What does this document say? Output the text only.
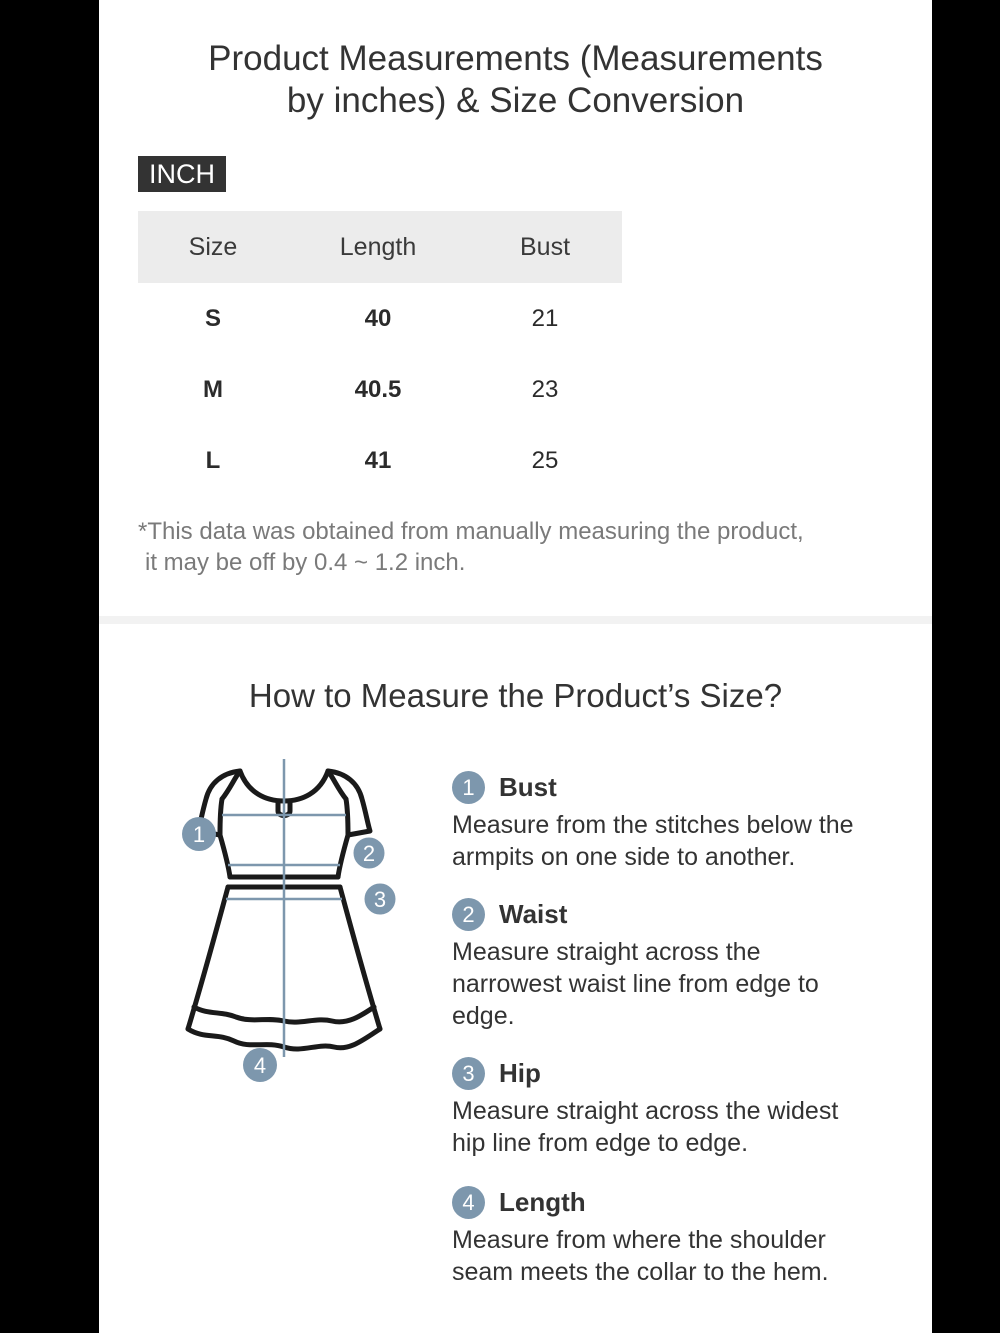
Product Measurements (Measurements
by inches) & Size Conversion
INCH
Size	Length	Bust
S	40	21
M	40.5	23
L	41	25

*This data was obtained from manually measuring the product,
it may be off by 0.4 ~ 1.2 inch.

How to Measure the Product’s Size?
1
2
3
4
1 Bust

Measure from the stitches below the
armpits on one side to another.

2 Waist

Measure straight across the
narrowest waist line from edge to
edge.

3 Hip

Measure straight across the widest
hip line from edge to edge.

4 Length

Measure from where the shoulder
seam meets the collar to the hem.
